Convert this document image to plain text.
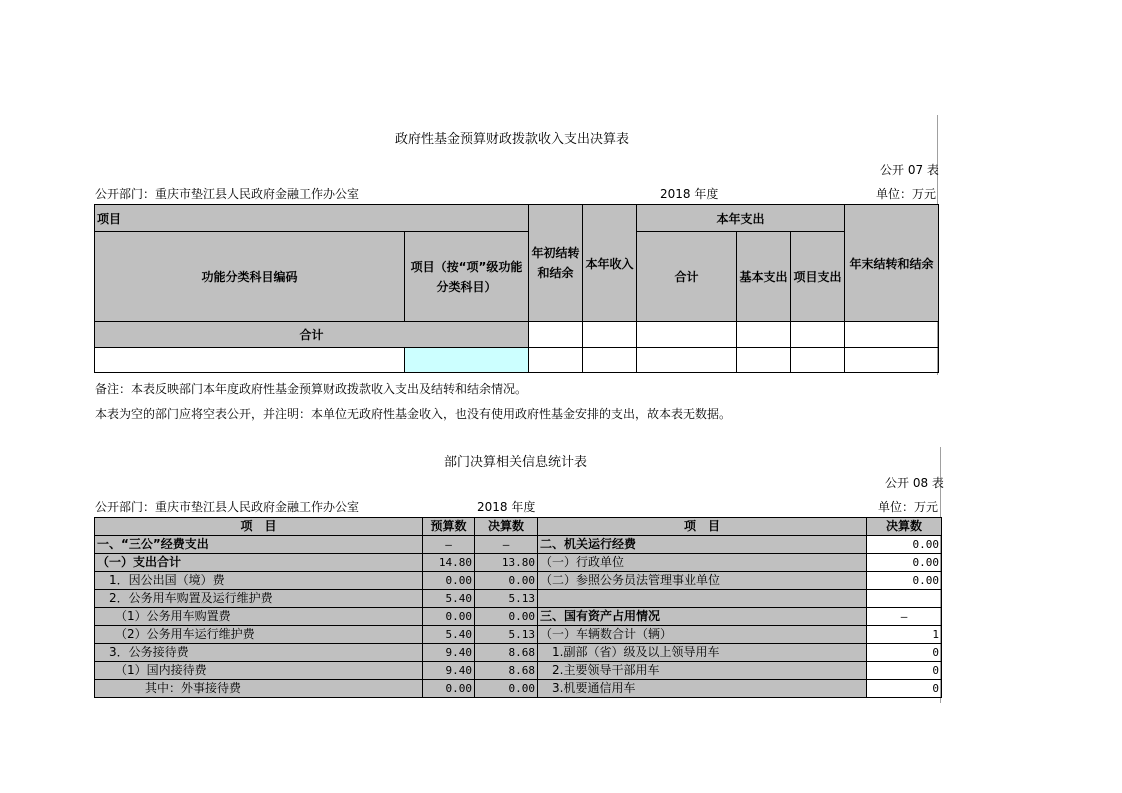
政府性基金预算财政拨款收入支出决算表
公开 07 表
公开部门：重庆市垫江县人民政府金融工作办公室	2018 年度	单位：万元
项目		年初结转和结余	本年收入	本年支出			年末结转和结余
功能分类科目编码	项目（按“项”级功能分类科目）			合计	基本支出	项目支出	
合计							

备注：本表反映部门本年度政府性基金预算财政拨款收入支出及结转和结余情况。
本表为空的部门应将空表公开，并注明：本单位无政府性基金收入，也没有使用政府性基金安排的支出，故本表无数据。
部门决算相关信息统计表
公开 08 表
公开部门：重庆市垫江县人民政府金融工作办公室	2018 年度	单位：万元
项　目	预算数	决算数	项　目	决算数
一、“三公”经费支出	—	—	二、机关运行经费	0.00
（一）支出合计	14.80	13.80	（一）行政单位	0.00
　1．因公出国（境）费	0.00	0.00	（二）参照公务员法管理事业单位	0.00
　2．公务用车购置及运行维护费	5.40	5.13		
　　（1）公务用车购置费	0.00	0.00	三、国有资产占用情况	—
　　（2）公务用车运行维护费	5.40	5.13	（一）车辆数合计（辆）	1
　3．公务接待费	9.40	8.68	　1.副部（省）级及以上领导用车	0
　　（1）国内接待费	9.40	8.68	　2.主要领导干部用车	0
　　　　其中：外事接待费	0.00	0.00	　3.机要通信用车	0
